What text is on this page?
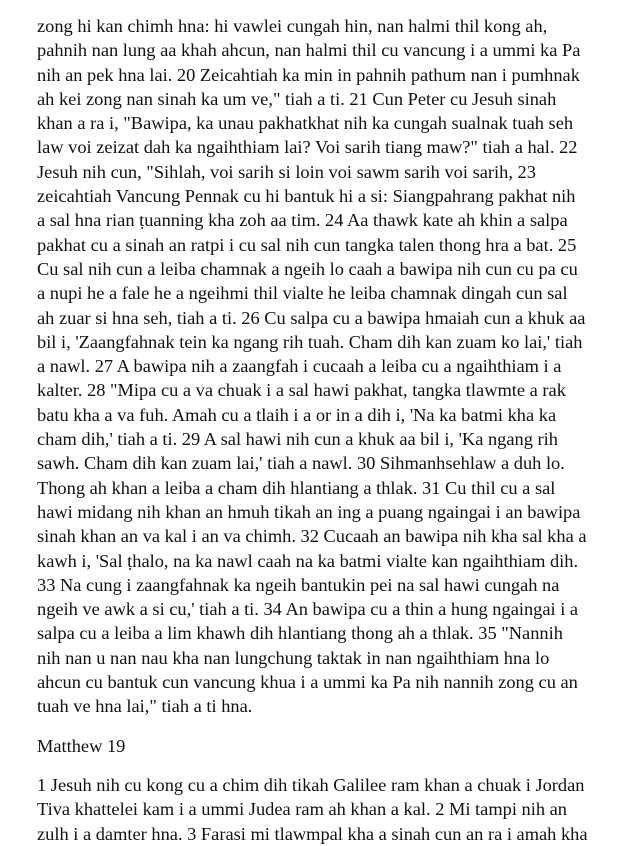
zong hi kan chimh hna: hi vawlei cungah hin, nan halmi thil kong ah,
pahnih nan lung aa khah ahcun, nan halmi thil cu vancung i a ummi ka Pa
nih an pek hna lai. 20 Zeicahtiah ka min in pahnih pathum nan i pumhnak
ah kei zong nan sinah ka um ve," tiah a ti. 21 Cun Peter cu Jesuh sinah
khan a ra i, "Bawipa, ka unau pakhatkhat nih ka cungah sualnak tuah seh
law voi zeizat dah ka ngaihthiam lai? Voi sarih tiang maw?" tiah a hal. 22
Jesuh nih cun, "Sihlah, voi sarih si loin voi sawm sarih voi sarih, 23
zeicahtiah Vancung Pennak cu hi bantuk hi a si: Siangpahrang pakhat nih
a sal hna rian ṭuanning kha zoh aa tim. 24 Aa thawk kate ah khin a salpa
pakhat cu a sinah an ratpi i cu sal nih cun tangka talen thong hra a bat. 25
Cu sal nih cun a leiba chamnak a ngeih lo caah a bawipa nih cun cu pa cu
a nupi he a fale he a ngeihmi thil vialte he leiba chamnak dingah cun sal
ah zuar si hna seh, tiah a ti. 26 Cu salpa cu a bawipa hmaiah cun a khuk aa
bil i, 'Zaangfahnak tein ka ngang rih tuah. Cham dih kan zuam ko lai,' tiah
a nawl. 27 A bawipa nih a zaangfah i cucaah a leiba cu a ngaihthiam i a
kalter. 28 "Mipa cu a va chuak i a sal hawi pakhat, tangka tlawmte a rak
batu kha a va fuh. Amah cu a tlaih i a or in a dih i, 'Na ka batmi kha ka
cham dih,' tiah a ti. 29 A sal hawi nih cun a khuk aa bil i, 'Ka ngang rih
sawh. Cham dih kan zuam lai,' tiah a nawl. 30 Sihmanhsehlaw a duh lo.
Thong ah khan a leiba a cham dih hlantiang a thlak. 31 Cu thil cu a sal
hawi midang nih khan an hmuh tikah an ing a puang ngaingai i an bawipa
sinah khan an va kal i an va chimh. 32 Cucaah an bawipa nih kha sal kha a
kawh i, 'Sal ṭhalo, na ka nawl caah na ka batmi vialte kan ngaihthiam dih.
33 Na cung i zaangfahnak ka ngeih bantukin pei na sal hawi cungah na
ngeih ve awk a si cu,' tiah a ti. 34 An bawipa cu a thin a hung ngaingai i a
salpa cu a leiba a lim khawh dih hlantiang thong ah a thlak. 35 "Nannih
nih nan u nan nau kha nan lungchung taktak in nan ngaihthiam hna lo
ahcun cu bantuk cun vancung khua i a ummi ka Pa nih nannih zong cu an
tuah ve hna lai," tiah a ti hna.
Matthew 19
1 Jesuh nih cu kong cu a chim dih tikah Galilee ram khan a chuak i Jordan
Tiva khattelei kam i a ummi Judea ram ah khan a kal. 2 Mi tampi nih an
zulh i a damter hna. 3 Farasi mi tlawmpal kha a sinah cun an ra i amah kha
